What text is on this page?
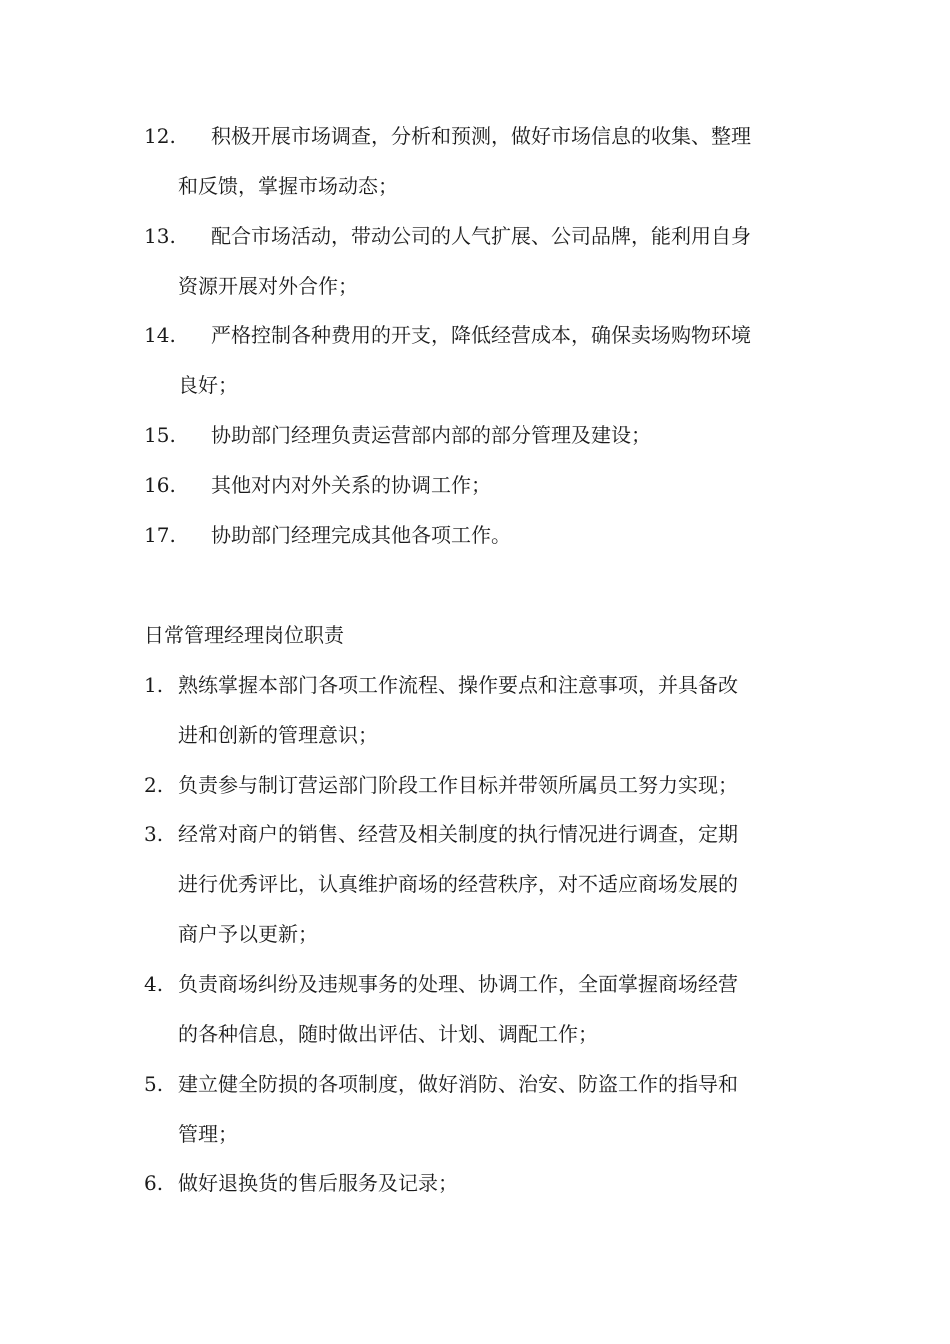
12. 积极开展市场调查，分析和预测，做好市场信息的收集、整理
和反馈，掌握市场动态；
13. 配合市场活动，带动公司的人气扩展、公司品牌，能利用自身
资源开展对外合作；
14. 严格控制各种费用的开支，降低经营成本，确保卖场购物环境
良好；
15. 协助部门经理负责运营部内部的部分管理及建设；
16. 其他对内对外关系的协调工作；
17. 协助部门经理完成其他各项工作。
日常管理经理岗位职责
1. 熟练掌握本部门各项工作流程、操作要点和注意事项，并具备改
进和创新的管理意识；
2. 负责参与制订营运部门阶段工作目标并带领所属员工努力实现；
3. 经常对商户的销售、经营及相关制度的执行情况进行调查，定期
进行优秀评比，认真维护商场的经营秩序，对不适应商场发展的
商户予以更新；
4. 负责商场纠纷及违规事务的处理、协调工作，全面掌握商场经营
的各种信息，随时做出评估、计划、调配工作；
5. 建立健全防损的各项制度，做好消防、治安、防盗工作的指导和
管理；
6. 做好退换货的售后服务及记录；
